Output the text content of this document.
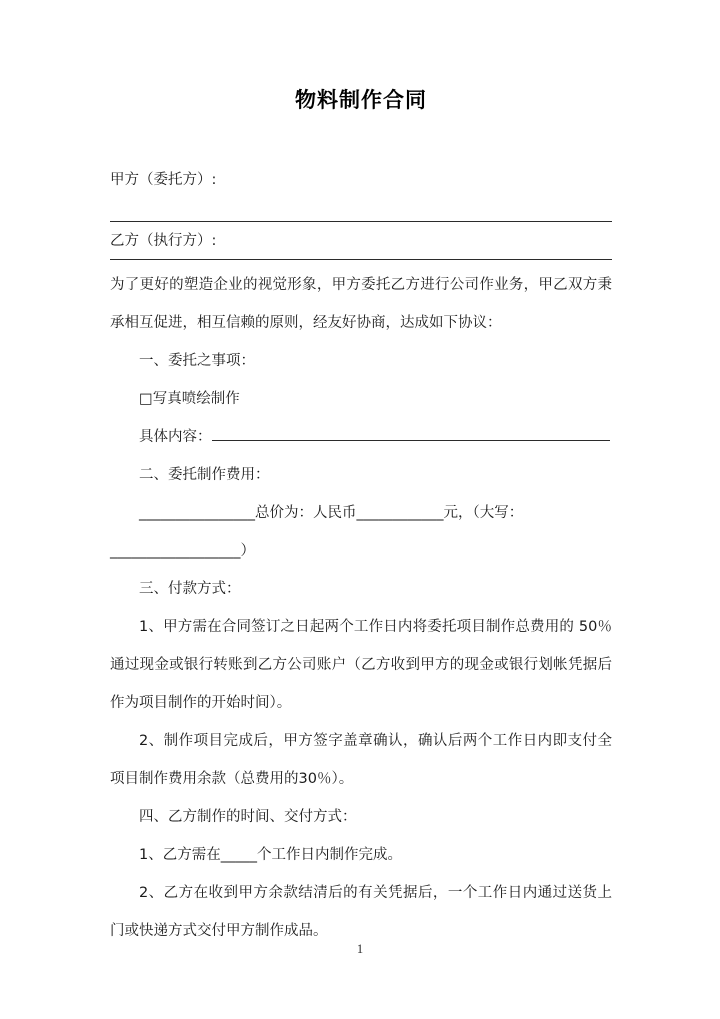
物料制作合同

甲方（委托方）:

乙方（执行方）:

为了更好的塑造企业的视觉形象，甲方委托乙方进行公司作业务，甲乙双方秉承相互促进，相互信赖的原则，经友好协商，达成如下协议：

一、委托之事项：

□写真喷绘制作

具体内容：

二、委托制作费用：

________________总价为：人民币____________元，（大写：

__________________）

三、付款方式：

1、甲方需在合同签订之日起两个工作日内将委托项目制作总费用的 50％通过现金或银行转账到乙方公司账户（乙方收到甲方的现金或银行划帐凭据后作为项目制作的开始时间）。

2、制作项目完成后，甲方签字盖章确认，确认后两个工作日内即支付全项目制作费用余款（总费用的30％）。

四、乙方制作的时间、交付方式：

1、乙方需在_____个工作日内制作完成。

2、乙方在收到甲方余款结清后的有关凭据后，一个工作日内通过送货上门或快递方式交付甲方制作成品。

1
